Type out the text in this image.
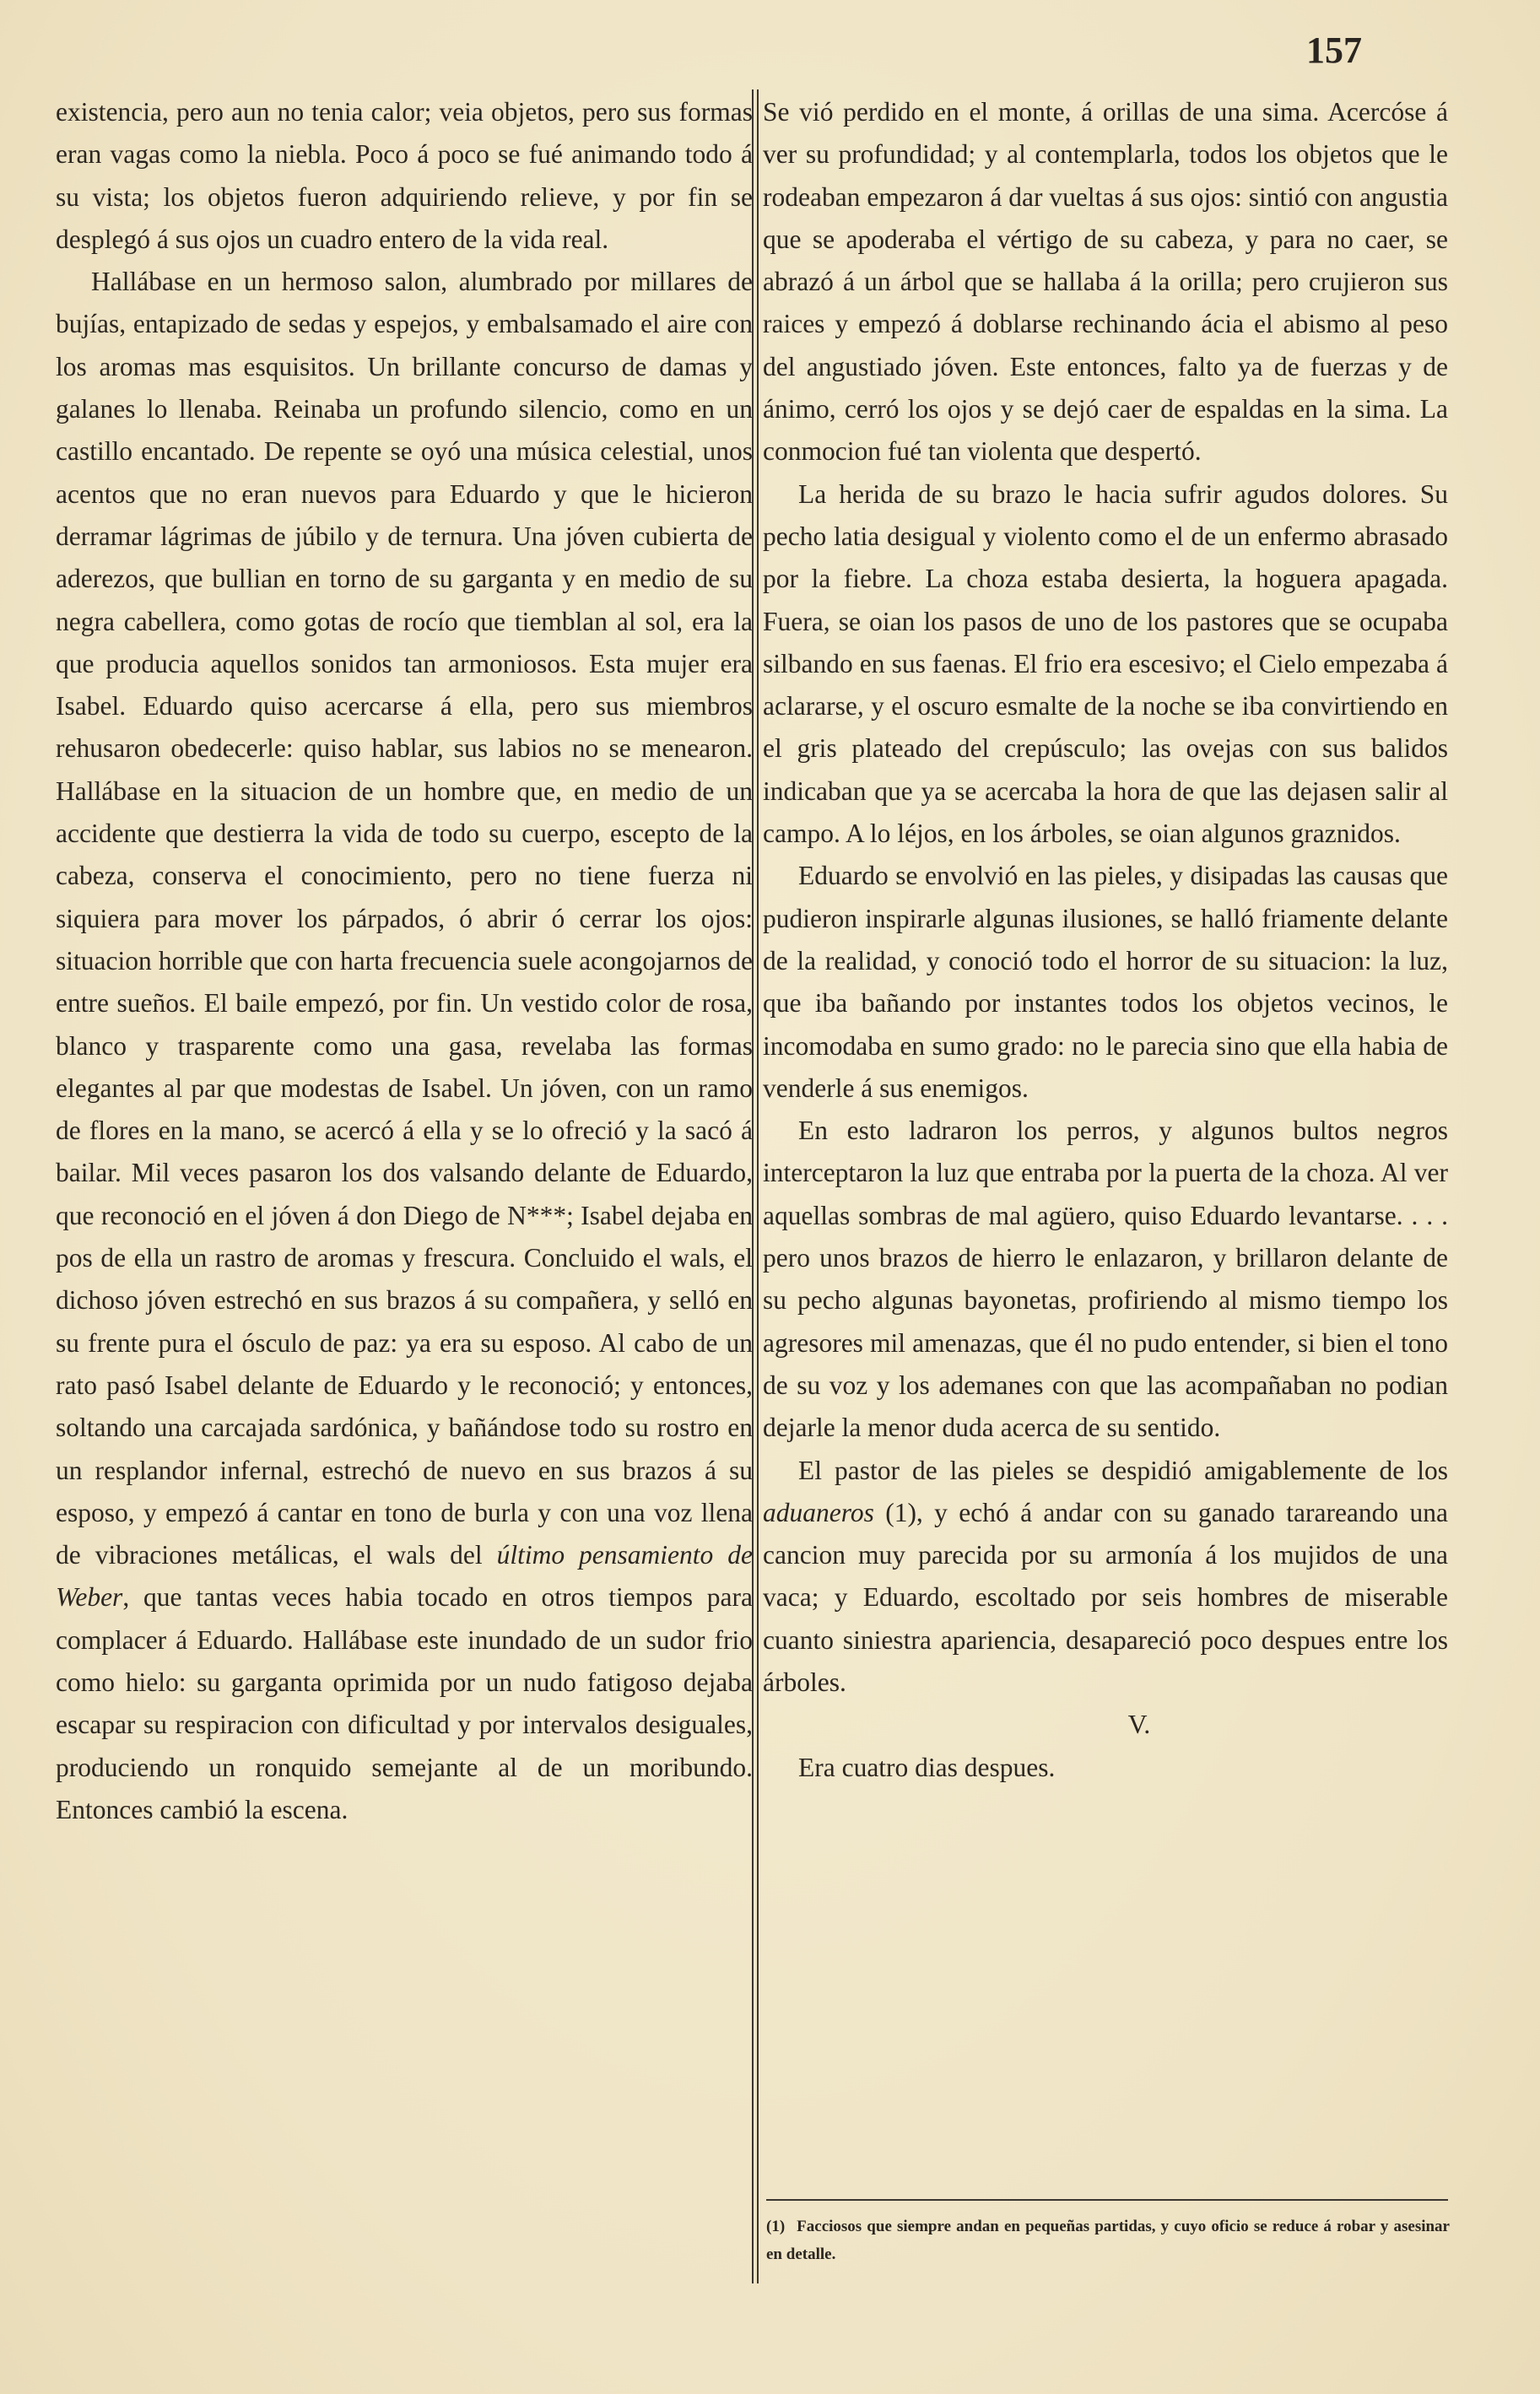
157

existencia, pero aun no tenia calor; veia objetos, pero sus formas eran vagas como la niebla. Poco á poco se fué animando todo á su vista; los objetos fueron adquiriendo relieve, y por fin se desplegó á sus ojos un cuadro entero de la vida real.

Hallábase en un hermoso salon, alumbrado por millares de bujías, entapizado de sedas y espejos, y embalsamado el aire con los aromas mas esquisitos. Un brillante concurso de damas y galanes lo llenaba. Reinaba un profundo silencio, como en un castillo encantado. De repente se oyó una música celestial, unos acentos que no eran nuevos para Eduardo y que le hicieron derramar lágrimas de júbilo y de ternura. Una jóven cubierta de aderezos, que bullian en torno de su garganta y en medio de su negra cabellera, como gotas de rocío que tiemblan al sol, era la que producia aquellos sonidos tan armoniosos. Esta mujer era Isabel. Eduardo quiso acercarse á ella, pero sus miembros rehusaron obedecerle: quiso hablar, sus labios no se menearon. Hallábase en la situacion de un hombre que, en medio de un accidente que destierra la vida de todo su cuerpo, escepto de la cabeza, conserva el conocimiento, pero no tiene fuerza ni siquiera para mover los párpados, ó abrir ó cerrar los ojos: situacion horrible que con harta frecuencia suele acongojarnos de entre sueños. El baile empezó, por fin. Un vestido color de rosa, blanco y trasparente como una gasa, revelaba las formas elegantes al par que modestas de Isabel. Un jóven, con un ramo de flores en la mano, se acercó á ella y se lo ofreció y la sacó á bailar. Mil veces pasaron los dos valsando delante de Eduardo, que reconoció en el jóven á don Diego de N***; Isabel dejaba en pos de ella un rastro de aromas y frescura. Concluido el wals, el dichoso jóven estrechó en sus brazos á su compañera, y selló en su frente pura el ósculo de paz: ya era su esposo. Al cabo de un rato pasó Isabel delante de Eduardo y le reconoció; y entonces, soltando una carcajada sardónica, y bañándose todo su rostro en un resplandor infernal, estrechó de nuevo en sus brazos á su esposo, y empezó á cantar en tono de burla y con una voz llena de vibraciones metálicas, el wals del último pensamiento de Weber, que tantas veces habia tocado en otros tiempos para complacer á Eduardo. Hallábase este inundado de un sudor frio como hielo: su garganta oprimida por un nudo fatigoso dejaba escapar su respiracion con dificultad y por intervalos desiguales, produciendo un ronquido semejante al de un moribundo. Entonces cambió la escena.

Se vió perdido en el monte, á orillas de una sima. Acercóse á ver su profundidad; y al contemplarla, todos los objetos que le rodeaban empezaron á dar vueltas á sus ojos: sintió con angustia que se apoderaba el vértigo de su cabeza, y para no caer, se abrazó á un árbol que se hallaba á la orilla; pero crujieron sus raices y empezó á doblarse rechinando ácia el abismo al peso del angustiado jóven. Este entonces, falto ya de fuerzas y de ánimo, cerró los ojos y se dejó caer de espaldas en la sima. La conmocion fué tan violenta que despertó.

La herida de su brazo le hacia sufrir agudos dolores. Su pecho latia desigual y violento como el de un enfermo abrasado por la fiebre. La choza estaba desierta, la hoguera apagada. Fuera, se oian los pasos de uno de los pastores que se ocupaba silbando en sus faenas. El frio era escesivo; el Cielo empezaba á aclararse, y el oscuro esmalte de la noche se iba convirtiendo en el gris plateado del crepúsculo; las ovejas con sus balidos indicaban que ya se acercaba la hora de que las dejasen salir al campo. A lo léjos, en los árboles, se oian algunos graznidos.

Eduardo se envolvió en las pieles, y disipadas las causas que pudieron inspirarle algunas ilusiones, se halló friamente delante de la realidad, y conoció todo el horror de su situacion: la luz, que iba bañando por instantes todos los objetos vecinos, le incomodaba en sumo grado: no le parecia sino que ella habia de venderle á sus enemigos.

En esto ladraron los perros, y algunos bultos negros interceptaron la luz que entraba por la puerta de la choza. Al ver aquellas sombras de mal agüero, quiso Eduardo levantarse. . . . pero unos brazos de hierro le enlazaron, y brillaron delante de su pecho algunas bayonetas, profiriendo al mismo tiempo los agresores mil amenazas, que él no pudo entender, si bien el tono de su voz y los ademanes con que las acompañaban no podian dejarle la menor duda acerca de su sentido.

El pastor de las pieles se despidió amigablemente de los aduaneros (1), y echó á andar con su ganado tarareando una cancion muy parecida por su armonía á los mujidos de una vaca; y Eduardo, escoltado por seis hombres de miserable cuanto siniestra apariencia, desapareció poco despues entre los árboles.

V.

Era cuatro dias despues.

(1) Facciosos que siempre andan en pequeñas partidas, y cuyo oficio se reduce á robar y asesinar en detalle.
